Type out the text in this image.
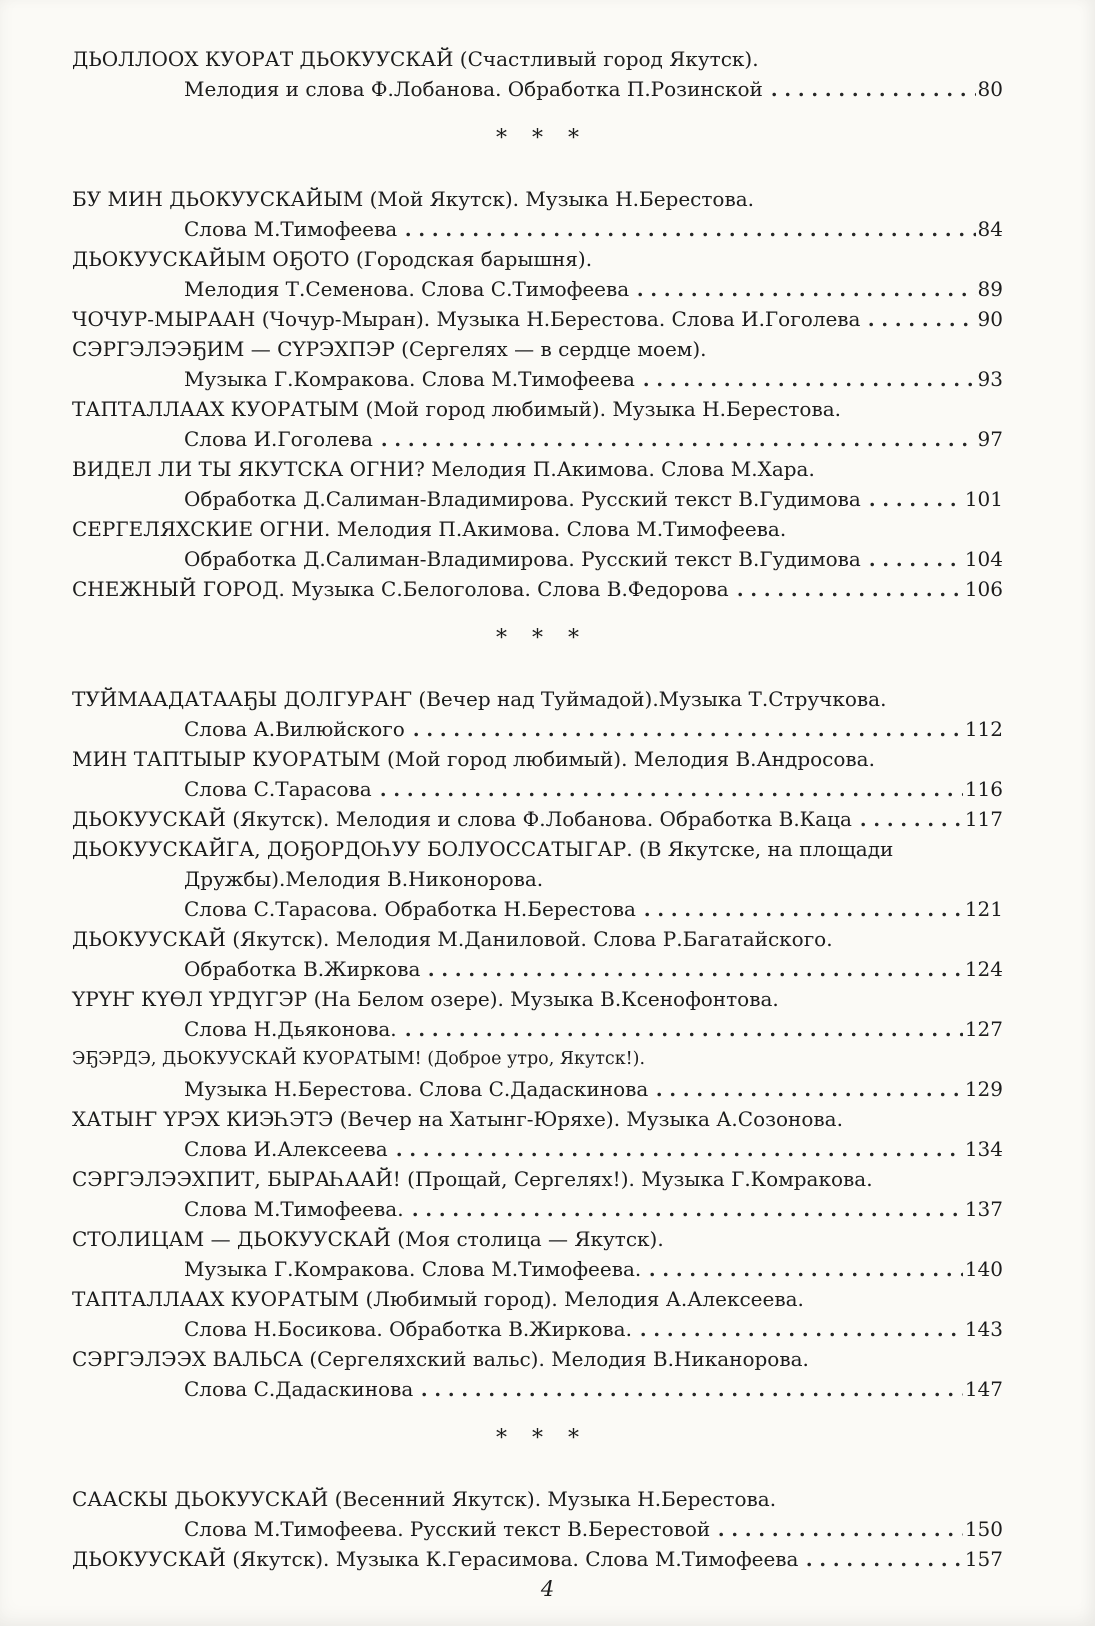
ДЬОЛЛООХ КУОРАТ ДЬОКУУСКАЙ (Счастливый город Якутск).
Мелодия и слова Ф.Лобанова. Обработка П.Розинской	80
* * *
БУ МИН ДЬОКУУСКАЙЫМ (Мой Якутск). Музыка Н.Берестова.
Слова М.Тимофеева	84
ДЬОКУУСКАЙЫМ ОҔОТО (Городская барышня).
Мелодия Т.Семенова. Слова С.Тимофеева	89
ЧОЧУР-МЫРААН (Чочур-Мыран). Музыка Н.Берестова. Слова И.Гоголева	90
СЭРГЭЛЭЭҔИМ — СҮРЭХПЭР (Сергелях — в сердце моем).
Музыка Г.Комракова. Слова М.Тимофеева	93
ТАПТАЛЛААХ КУОРАТЫМ (Мой город любимый). Музыка Н.Берестова.
Слова И.Гоголева	97
ВИДЕЛ ЛИ ТЫ ЯКУТСКА ОГНИ? Мелодия П.Акимова. Слова М.Хара.
Обработка Д.Салиман-Владимирова. Русский текст В.Гудимова	101
СЕРГЕЛЯХСКИЕ ОГНИ. Мелодия П.Акимова. Слова М.Тимофеева.
Обработка Д.Салиман-Владимирова. Русский текст В.Гудимова	104
СНЕЖНЫЙ ГОРОД. Музыка С.Белоголова. Слова В.Федорова	106
* * *
ТУЙМААДАТААҔЫ ДОЛГУРАҤ (Вечер над Туймадой).Музыка Т.Стручкова.
Слова А.Вилюйского	112
МИН ТАПТЫЫР КУОРАТЫМ (Мой город любимый). Мелодия В.Андросова.
Слова С.Тарасова	116
ДЬОКУУСКАЙ (Якутск). Мелодия и слова Ф.Лобанова. Обработка В.Каца	117
ДЬОКУУСКАЙГА, ДОҔОРДОҺУУ БОЛУОССАТЫГАР. (В Якутске, на площади
Дружбы).Мелодия В.Никонорова.
Слова С.Тарасова. Обработка Н.Берестова	121
ДЬОКУУСКАЙ (Якутск). Мелодия М.Даниловой. Слова Р.Багатайского.
Обработка В.Жиркова	124
ҮРҮҤ КҮӨЛ ҮРДҮГЭР (На Белом озере). Музыка В.Ксенофонтова.
Слова Н.Дьяконова.	127
ЭҔЭРДЭ, ДЬОКУУСКАЙ КУОРАТЫМ! (Доброе утро, Якутск!).
Музыка Н.Берестова. Слова С.Дадаскинова	129
ХАТЫҤ ҮРЭХ КИЭҺЭТЭ (Вечер на Хатынг-Юряхе). Музыка А.Созонова.
Слова И.Алексеева	134
СЭРГЭЛЭЭХПИТ, БЫРАҺААЙ! (Прощай, Сергелях!). Музыка Г.Комракова.
Слова М.Тимофеева.	137
СТОЛИЦАМ — ДЬОКУУСКАЙ (Моя столица — Якутск).
Музыка Г.Комракова. Слова М.Тимофеева.	140
ТАПТАЛЛААХ КУОРАТЫМ (Любимый город). Мелодия А.Алексеева.
Слова Н.Босикова. Обработка В.Жиркова.	143
СЭРГЭЛЭЭХ ВАЛЬСА (Сергеляхский вальс). Мелодия В.Никанорова.
Слова С.Дадаскинова	147
* * *
СААСКЫ ДЬОКУУСКАЙ (Весенний Якутск). Музыка Н.Берестова.
Слова М.Тимофеева. Русский текст В.Берестовой	150
ДЬОКУУСКАЙ (Якутск). Музыка К.Герасимова. Слова М.Тимофеева	157
4
